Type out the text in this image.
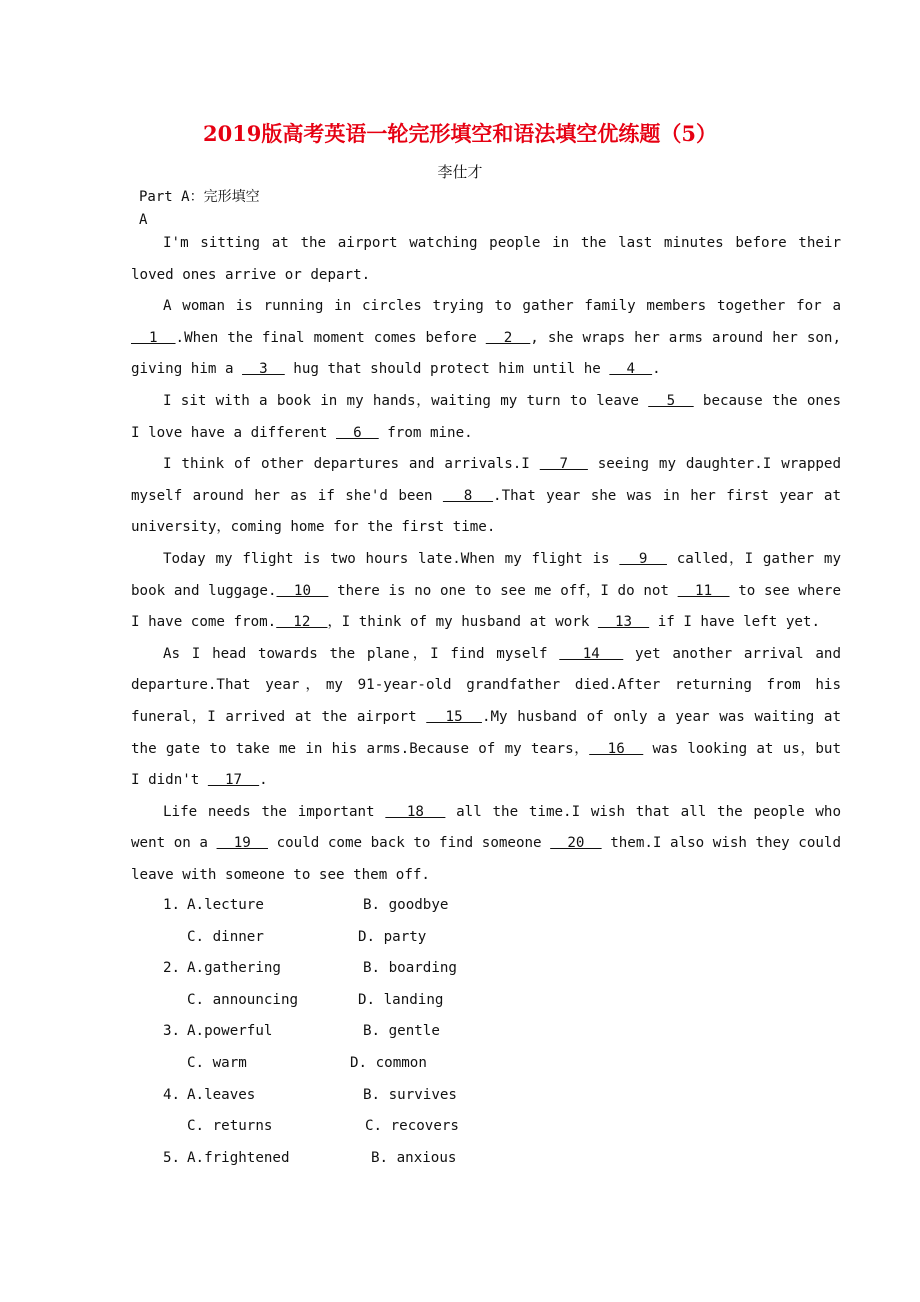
2019版高考英语一轮完形填空和语法填空优练题（5）
李仕才
Part A：完形填空
A

I'm sitting at the airport watching people in the last minutes before their loved ones arrive or depart.

A woman is running in circles trying to gather family members together for a   1  .When the final moment comes before   2  , she wraps her arms around her son, giving him a   3   hug that should protect him until he   4  .

I sit with a book in my hands，waiting my turn to leave   5   because the ones I love have a different   6   from mine.

I think of other departures and arrivals.I   7   seeing my daughter.I wrapped myself around her as if she'd been   8  .That year she was in her first year at university，coming home for the first time.

Today my flight is two hours late.When my flight is   9   called，I gather my book and luggage.  10   there is no one to see me off，I do not   11   to see where I have come from.  12  ，I think of my husband at work   13   if I have left yet.

As I head towards the plane，I find myself   14   yet another arrival and departure.That year，my 91-year-old grandfather died.After returning from his funeral，I arrived at the airport   15  .My husband of only a year was waiting at the gate to take me in his arms.Because of my tears，  16   was looking at us，but I didn't   17  .

Life needs the important   18   all the time.I wish that all the people who went on a   19   could come back to find someone   20   them.I also wish they could leave with someone to see them off.

1. A.lecture	B. goodbye
C. dinner	D. party
2. A.gathering	B. boarding
C. announcing	D. landing
3. A.powerful	B. gentle
C. warm	D. common
4. A.leaves	B. survives
C. returns	C. recovers
5. A.frightened	B. anxious
